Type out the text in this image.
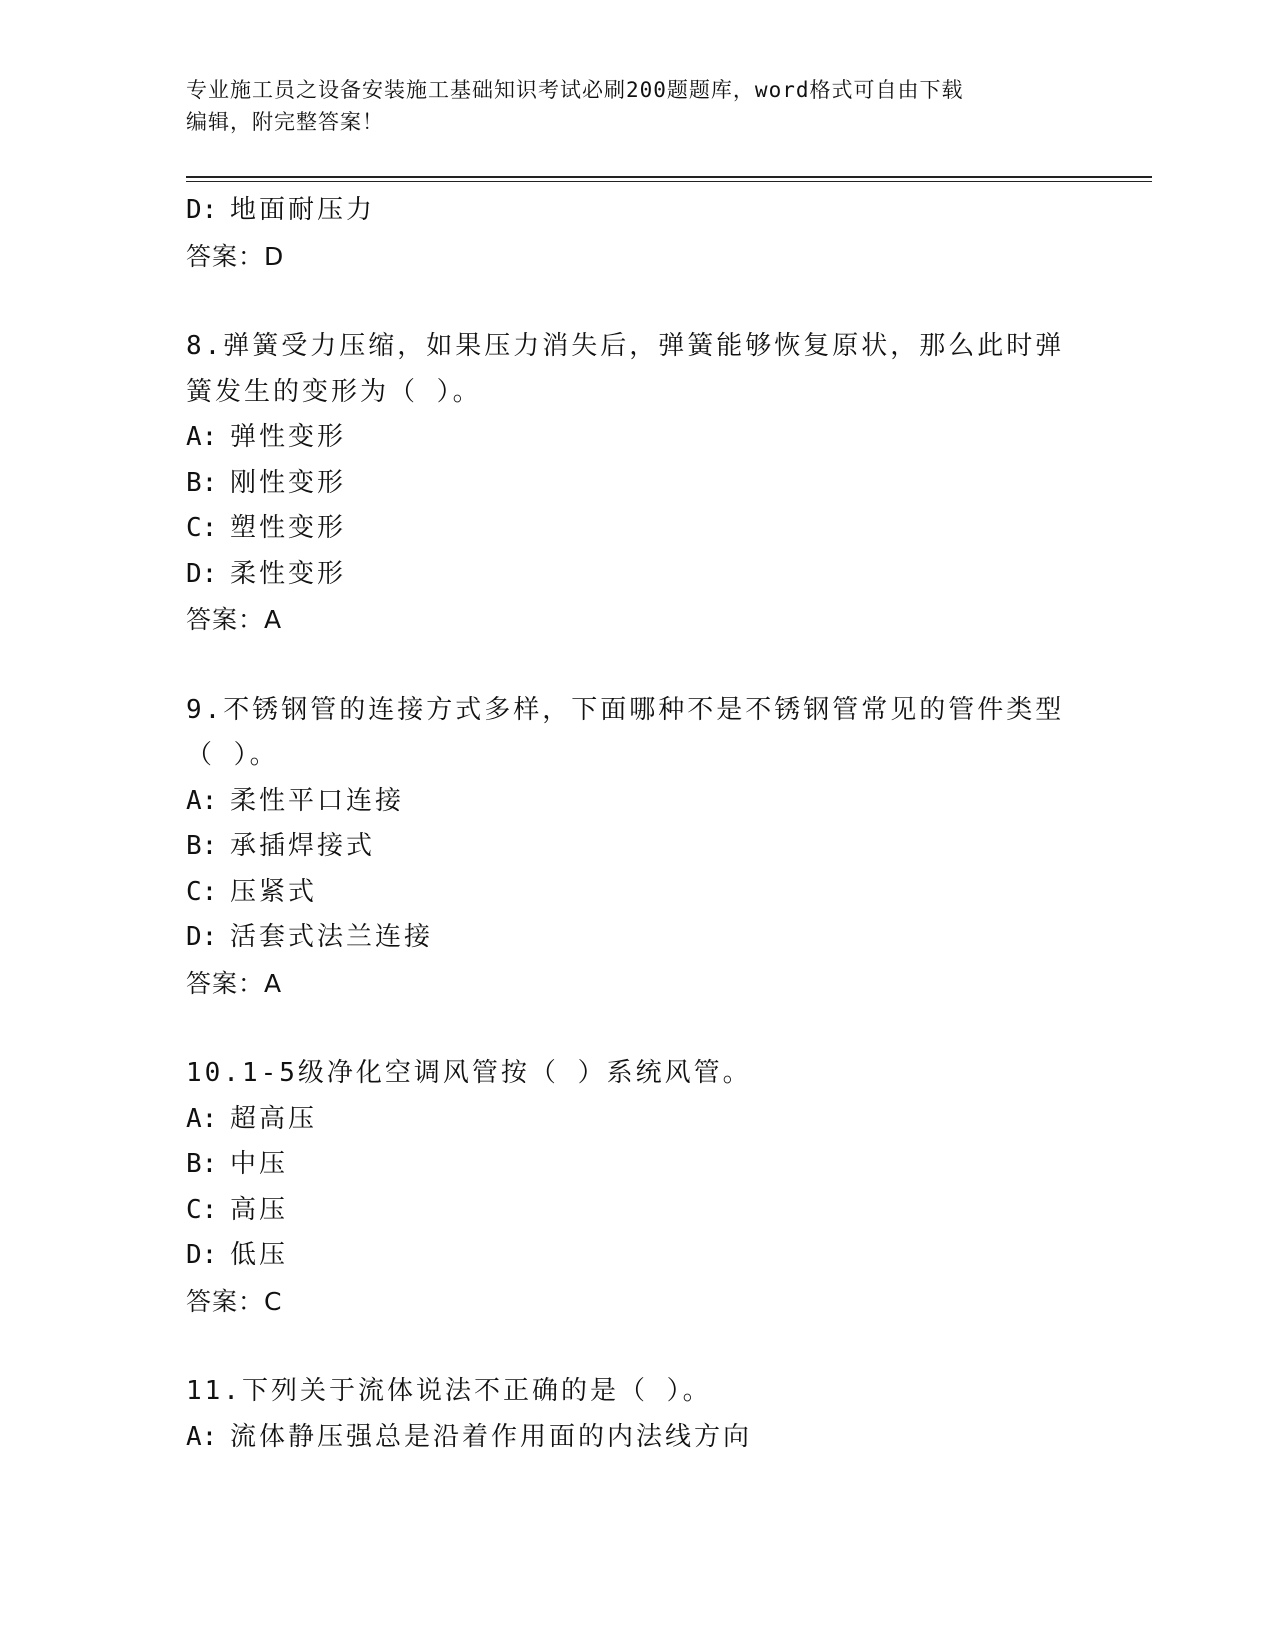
专业施工员之设备安装施工基础知识考试必刷200题题库，word格式可自由下载
编辑，附完整答案！
D: 地面耐压力
答案：D
8.弹簧受力压缩，如果压力消失后，弹簧能够恢复原状，那么此时弹
簧发生的变形为（ ）。
A: 弹性变形
B: 刚性变形
C: 塑性变形
D: 柔性变形
答案：A
9.不锈钢管的连接方式多样，下面哪种不是不锈钢管常见的管件类型
（ ）。
A: 柔性平口连接
B: 承插焊接式
C: 压紧式
D: 活套式法兰连接
答案：A
10.1-5级净化空调风管按（ ）系统风管。
A: 超高压
B: 中压
C: 高压
D: 低压
答案：C
11.下列关于流体说法不正确的是（ ）。
A: 流体静压强总是沿着作用面的内法线方向
